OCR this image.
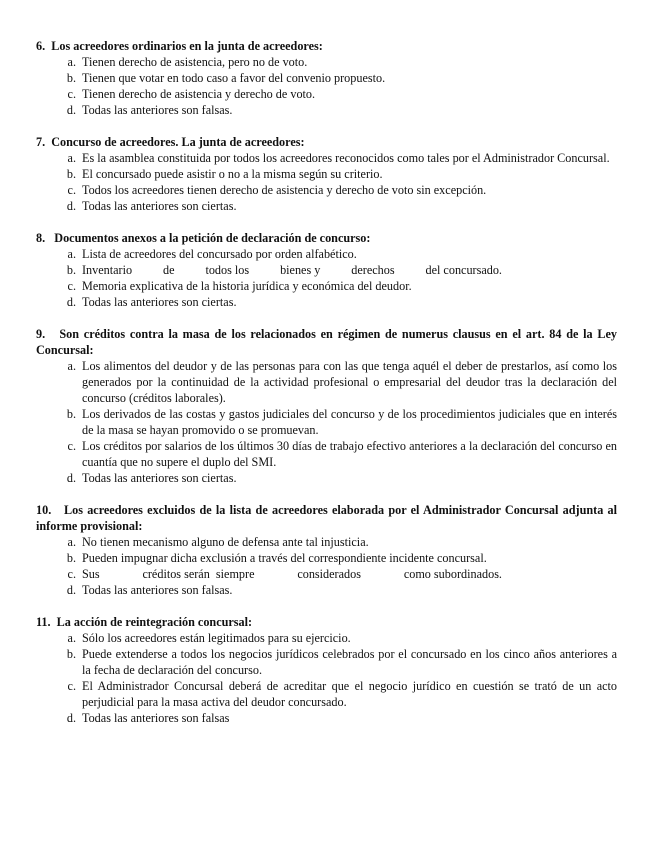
6. Los acreedores ordinarios en la junta de acreedores:
a. Tienen derecho de asistencia, pero no de voto.
b. Tienen que votar en todo caso a favor del convenio propuesto.
c. Tienen derecho de asistencia y derecho de voto.
d. Todas las anteriores son falsas.
7. Concurso de acreedores. La junta de acreedores:
a. Es la asamblea constituida por todos los acreedores reconocidos como tales por el Administrador Concursal.
b. El concursado puede asistir o no a la misma según su criterio.
c. Todos los acreedores tienen derecho de asistencia y derecho de voto sin excepción.
d. Todas las anteriores son ciertas.
8. Documentos anexos a la petición de declaración de concurso:
a. Lista de acreedores del concursado por orden alfabético.
b. Inventario	de	todos los	bienes y	derechos	del concursado.
c. Memoria explicativa de la historia jurídica y económica del deudor.
d. Todas las anteriores son ciertas.
9. Son créditos contra la masa de los relacionados en régimen de numerus clausus en el art. 84 de la Ley Concursal:
a. Los alimentos del deudor y de las personas para con las que tenga aquél el deber de prestarlos, así como los generados por la continuidad de la actividad profesional o empresarial del deudor tras la declaración del concurso (créditos laborales).
b. Los derivados de las costas y gastos judiciales del concurso y de los procedimientos judiciales que en interés de la masa se hayan promovido o se promuevan.
c. Los créditos por salarios de los últimos 30 días de trabajo efectivo anteriores a la declaración del concurso en cuantía que no supere el duplo del SMI.
d. Todas las anteriores son ciertas.
10. Los acreedores excluidos de la lista de acreedores elaborada por el Administrador Concursal adjunta al informe provisional:
a. No tienen mecanismo alguno de defensa ante tal injusticia.
b. Pueden impugnar dicha exclusión a través del correspondiente incidente concursal.
c. Sus	créditos serán  siempre	considerados	como subordinados.
d. Todas las anteriores son falsas.
11. La acción de reintegración concursal:
a. Sólo los acreedores están legitimados para su ejercicio.
b. Puede extenderse a todos los negocios jurídicos celebrados por el concursado en los cinco años anteriores a la fecha de declaración del concurso.
c. El Administrador Concursal deberá de acreditar que el negocio jurídico en cuestión se trató de un acto perjudicial para la masa activa del deudor concursado.
d. Todas las anteriores son falsas
